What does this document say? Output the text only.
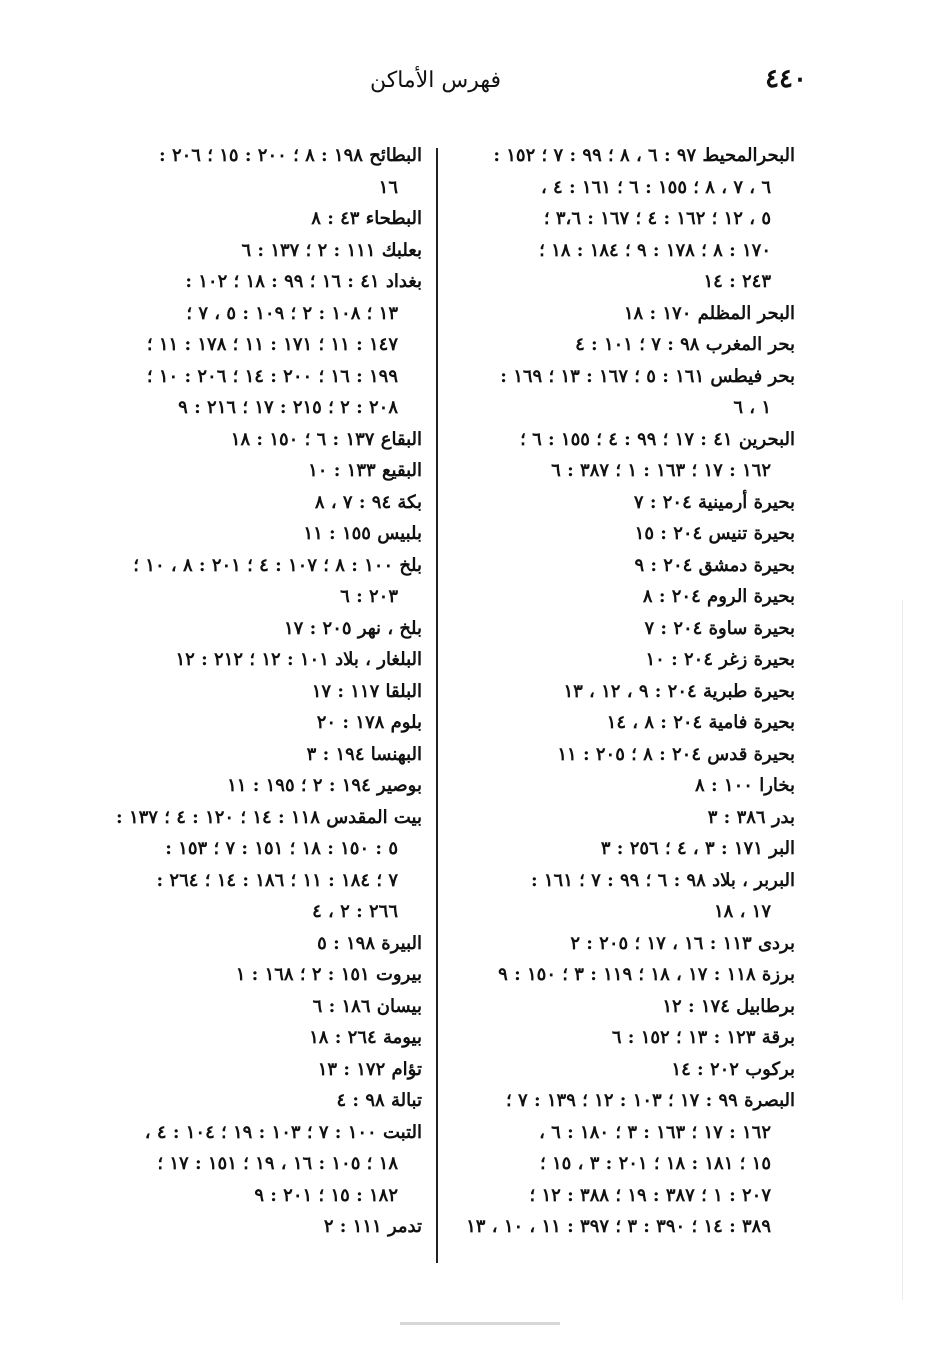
٤٤٠
فهرس الأماكن
البحرالمحيط ٩٧ : ٦ ، ٨ ؛ ٩٩ : ٧ ؛ ١٥٢ :
٦ ، ٧ ، ٨ ؛ ١٥٥ : ٦ ؛ ١٦١ : ٤ ،
٥ ، ١٢ ؛ ١٦٢ : ٤ ؛ ١٦٧ : ٣،٦ ؛
١٧٠ : ٨ ؛ ١٧٨ : ٩ ؛ ١٨٤ : ١٨ ؛
٢٤٣ : ١٤
البحر المظلم ١٧٠ : ١٨
بحر المغرب ٩٨ : ٧ ؛ ١٠١ : ٤
بحر فيطس ١٦١ : ٥ ؛ ١٦٧ : ١٣ ؛ ١٦٩ :
١ ، ٦
البحرين ٤١ : ١٧ ؛ ٩٩ : ٤ ؛ ١٥٥ : ٦ ؛
١٦٢ : ١٧ ؛ ١٦٣ : ١ ؛ ٣٨٧ : ٦
بحيرة أرمينية ٢٠٤ : ٧
بحيرة تنيس ٢٠٤ : ١٥
بحيرة دمشق ٢٠٤ : ٩
بحيرة الروم ٢٠٤ : ٨
بحيرة ساوة ٢٠٤ : ٧
بحيرة زغر ٢٠٤ : ١٠
بحيرة طبرية ٢٠٤ : ٩ ، ١٢ ، ١٣
بحيرة فامية ٢٠٤ : ٨ ، ١٤
بحيرة قدس ٢٠٤ : ٨ ؛ ٢٠٥ : ١١
بخارا ١٠٠ : ٨
بدر ٣٨٦ : ٣
البر ١٧١ : ٣ ، ٤ ؛ ٢٥٦ : ٣
البربر ، بلاد ٩٨ : ٦ ؛ ٩٩ : ٧ ؛ ١٦١ :
١٧ ، ١٨
بردى ١١٣ : ١٦ ، ١٧ ؛ ٢٠٥ : ٢
برزة ١١٨ : ١٧ ، ١٨ ؛ ١١٩ : ٣ ؛ ١٥٠ : ٩
برطابيل ١٧٤ : ١٢
برقة ١٢٣ : ١٣ ؛ ١٥٢ : ٦
بركوب ٢٠٢ : ١٤
البصرة ٩٩ : ١٧ ؛ ١٠٣ : ١٢ ؛ ١٣٩ : ٧ ؛
١٦٢ : ١٧ ؛ ١٦٣ : ٣ ؛ ١٨٠ : ٦ ،
١٥ ؛ ١٨١ : ١٨ ؛ ٢٠١ : ٣ ، ١٥ ؛
٢٠٧ : ١ ؛ ٣٨٧ : ١٩ ؛ ٣٨٨ : ١٢ ؛
٣٨٩ : ١٤ ؛ ٣٩٠ : ٣ ؛ ٣٩٧ : ١١ ، ١٠ ، ١٣
البطائح ١٩٨ : ٨ ؛ ٢٠٠ : ١٥ ؛ ٢٠٦ :
١٦
البطحاء ٤٣ : ٨
بعلبك ١١١ : ٢ ؛ ١٣٧ : ٦
بغداد ٤١ : ١٦ ؛ ٩٩ : ١٨ ؛ ١٠٢ :
١٣ ؛ ١٠٨ : ٢ ؛ ١٠٩ : ٥ ، ٧ ؛
١٤٧ : ١١ ؛ ١٧١ : ١١ ؛ ١٧٨ : ١١ ؛
١٩٩ : ١٦ ؛ ٢٠٠ : ١٤ ؛ ٢٠٦ : ١٠ ؛
٢٠٨ : ٢ ؛ ٢١٥ : ١٧ ؛ ٢١٦ : ٩
البقاع ١٣٧ : ٦ ؛ ١٥٠ : ١٨
البقيع ١٣٣ : ١٠
بكة ٩٤ : ٧ ، ٨
بلبيس ١٥٥ : ١١
بلخ ١٠٠ : ٨ ؛ ١٠٧ : ٤ ؛ ٢٠١ : ٨ ، ١٠ ؛
٢٠٣ : ٦
بلخ ، نهر ٢٠٥ : ١٧
البلغار ، بلاد ١٠١ : ١٢ ؛ ٢١٢ : ١٢
البلقا ١١٧ : ١٧
بلوم ١٧٨ : ٢٠
البهنسا ١٩٤ : ٣
بوصير ١٩٤ : ٢ ؛ ١٩٥ : ١١
بيت المقدس ١١٨ : ١٤ ؛ ١٢٠ : ٤ ؛ ١٣٧ :
٥ : ١٥٠ : ١٨ ؛ ١٥١ : ٧ ؛ ١٥٣ :
٧ ؛ ١٨٤ : ١١ ؛ ١٨٦ : ١٤ ؛ ٢٦٤ :
٢٦٦ : ٢ ، ٤
البيرة ١٩٨ : ٥
بيروت ١٥١ : ٢ ؛ ١٦٨ : ١
بيسان ١٨٦ : ٦
بيومة ٢٦٤ : ١٨
تؤام ١٧٢ : ١٣
تبالة ٩٨ : ٤
التبت ١٠٠ : ٧ ؛ ١٠٣ : ١٩ ؛ ١٠٤ : ٤ ،
١٨ ؛ ١٠٥ : ١٦ ، ١٩ ؛ ١٥١ : ١٧ ؛
١٨٢ : ١٥ ؛ ٢٠١ : ٩
تدمر ١١١ : ٢
